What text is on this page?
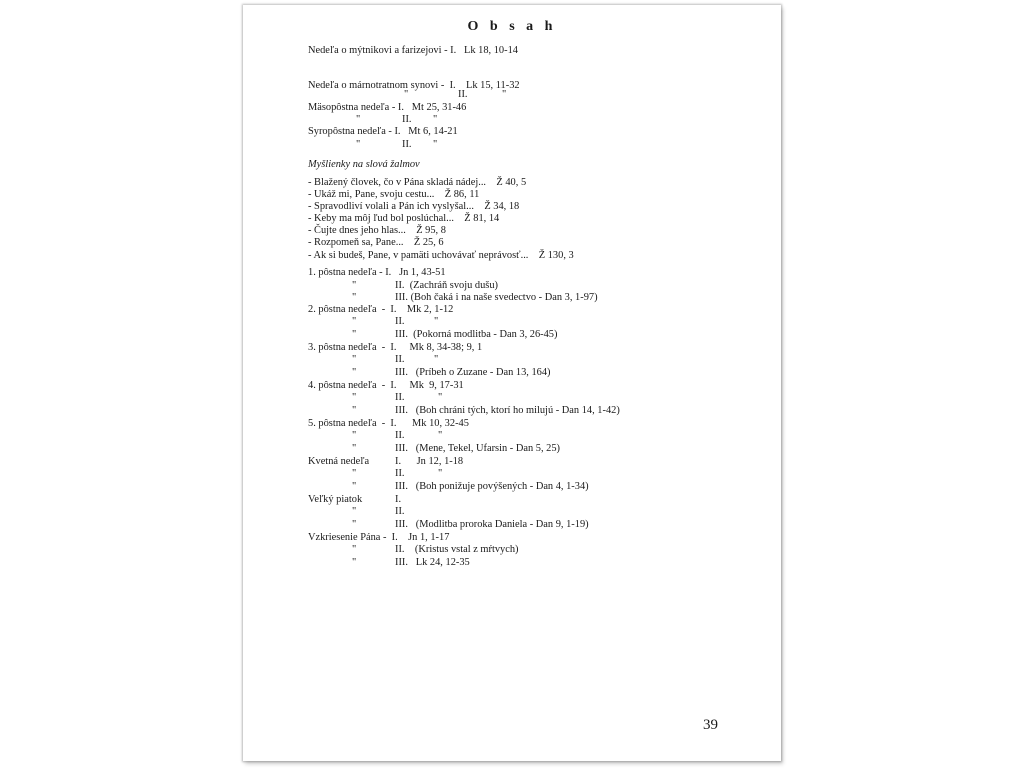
O b s a h
Nedeľa o mýtnikovi a farizejovi - I.   Lk 18, 10-14
Nedeľa o márnotratnom synovi -  I.    Lk 15, 11-32
"	II.	"
Mäsopôstna nedeľa - I.   Mt 25, 31-46
"	II. "
Syropôstna nedeľa - I.   Mt 6, 14-21
"	II. "
Myšlienky na slová žalmov
- Blažený človek, čo v Pána skladá nádej...    Ž 40, 5
- Ukáž mi, Pane, svoju cestu...    Ž 86, 11
- Spravodliví volali a Pán ich vyslyšal...    Ž 34, 18
- Keby ma môj ľud bol poslúchal...    Ž 81, 14
- Čujte dnes jeho hlas...    Ž 95, 8
- Rozpomeň sa, Pane...    Ž 25, 6
- Ak si budeš, Pane, v pamäti uchovávať neprávosť...    Ž 130, 3
1. pôstna nedeľa - I.   Jn 1, 43-51
"	II.  (Zachráň svoju dušu)
"	III. (Boh čaká i na naše svedectvo - Dan 3, 1-97)
2. pôstna nedeľa  -  I.    Mk 2, 1-12
"	II.	"
"	III.  (Pokorná modlitba - Dan 3, 26-45)
3. pôstna nedeľa  -  I.     Mk 8, 34-38; 9, 1
"	II.	"
"	III.   (Príbeh o Zuzane - Dan 13, 164)
4. pôstna nedeľa  -  I.     Mk  9, 17-31
"	II.	"
"	III.   (Boh chráni tých, ktorí ho milujú - Dan 14, 1-42)
5. pôstna nedeľa  -  I.      Mk 10, 32-45
"	II.	"
"	III.   (Mene, Tekel, Ufarsin - Dan 5, 25)
Kvetná nedeľa I.      Jn 12, 1-18
"	II.	"
"	III.   (Boh ponižuje povýšených - Dan 4, 1-34)
Veľký piatok	I.
"	II.
"	III.   (Modlitba proroka Daniela - Dan 9, 1-19)
Vzkriesenie Pána -  I.    Jn 1, 1-17
"	II.    (Kristus vstal z mŕtvych)
"	III.   Lk 24, 12-35
39
